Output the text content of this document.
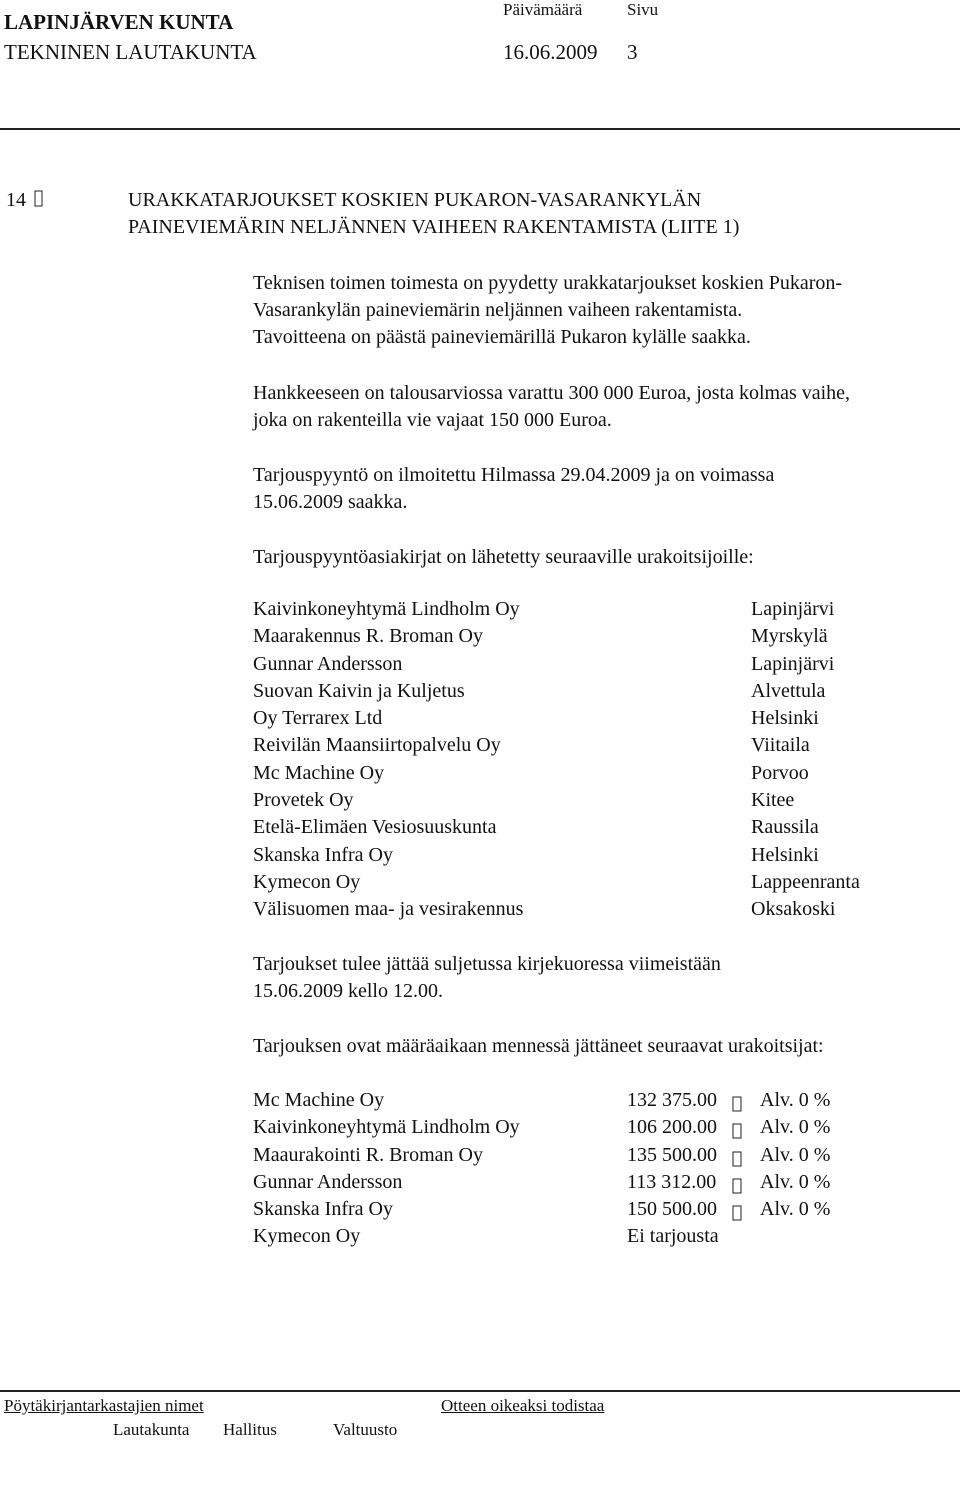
LAPINJÄRVEN KUNTA
Päivämäärä	Sivu
TEKNINEN LAUTAKUNTA	16.06.2009 3
14	URAKKATARJOUKSET KOSKIEN PUKARON-VASARANKYLÄN
PAINEVIEMÄRIN NELJÄNNEN VAIHEEN RAKENTAMISTA (LIITE 1)
Teknisen toimen toimesta on pyydetty urakkatarjoukset koskien Pukaron-
Vasarankylän paineviemärin neljännen vaiheen rakentamista.
Tavoitteena on päästä paineviemärillä Pukaron kylälle saakka.
Hankkeeseen on talousarviossa varattu 300 000 Euroa, josta kolmas vaihe,
joka on rakenteilla vie vajaat 150 000 Euroa.
Tarjouspyyntö on ilmoitettu Hilmassa 29.04.2009 ja on voimassa
15.06.2009 saakka.
Tarjouspyyntöasiakirjat on lähetetty seuraaville urakoitsijoille:
Kaivinkoneyhtymä Lindholm Oy	Lapinjärvi
Maarakennus R. Broman Oy	Myrskylä
Gunnar Andersson	Lapinjärvi
Suovan Kaivin ja Kuljetus	Alvettula
Oy Terrarex Ltd	Helsinki
Reivilän Maansiirtopalvelu Oy	Viitaila
Mc Machine Oy	Porvoo
Provetek Oy	Kitee
Etelä-Elimäen Vesiosuuskunta	Raussila
Skanska Infra Oy	Helsinki
Kymecon Oy	Lappeenranta
Välisuomen maa- ja vesirakennus	Oksakoski
Tarjoukset tulee jättää suljetussa kirjekuoressa viimeistään
15.06.2009 kello 12.00.
Tarjouksen ovat määräaikaan mennessä jättäneet seuraavat urakoitsijat:
Mc Machine Oy	132 375.00 Alv. 0 %
Kaivinkoneyhtymä Lindholm Oy	106 200.00 Alv. 0 %
Maaurakointi R. Broman Oy	135 500.00 Alv. 0 %
Gunnar Andersson	113 312.00 Alv. 0 %
Skanska Infra Oy	150 500.00 Alv. 0 %
Kymecon Oy	Ei tarjousta
Pöytäkirjantarkastajien nimet	Otteen oikeaksi todistaa
Lautakunta Hallitus	Valtuusto
